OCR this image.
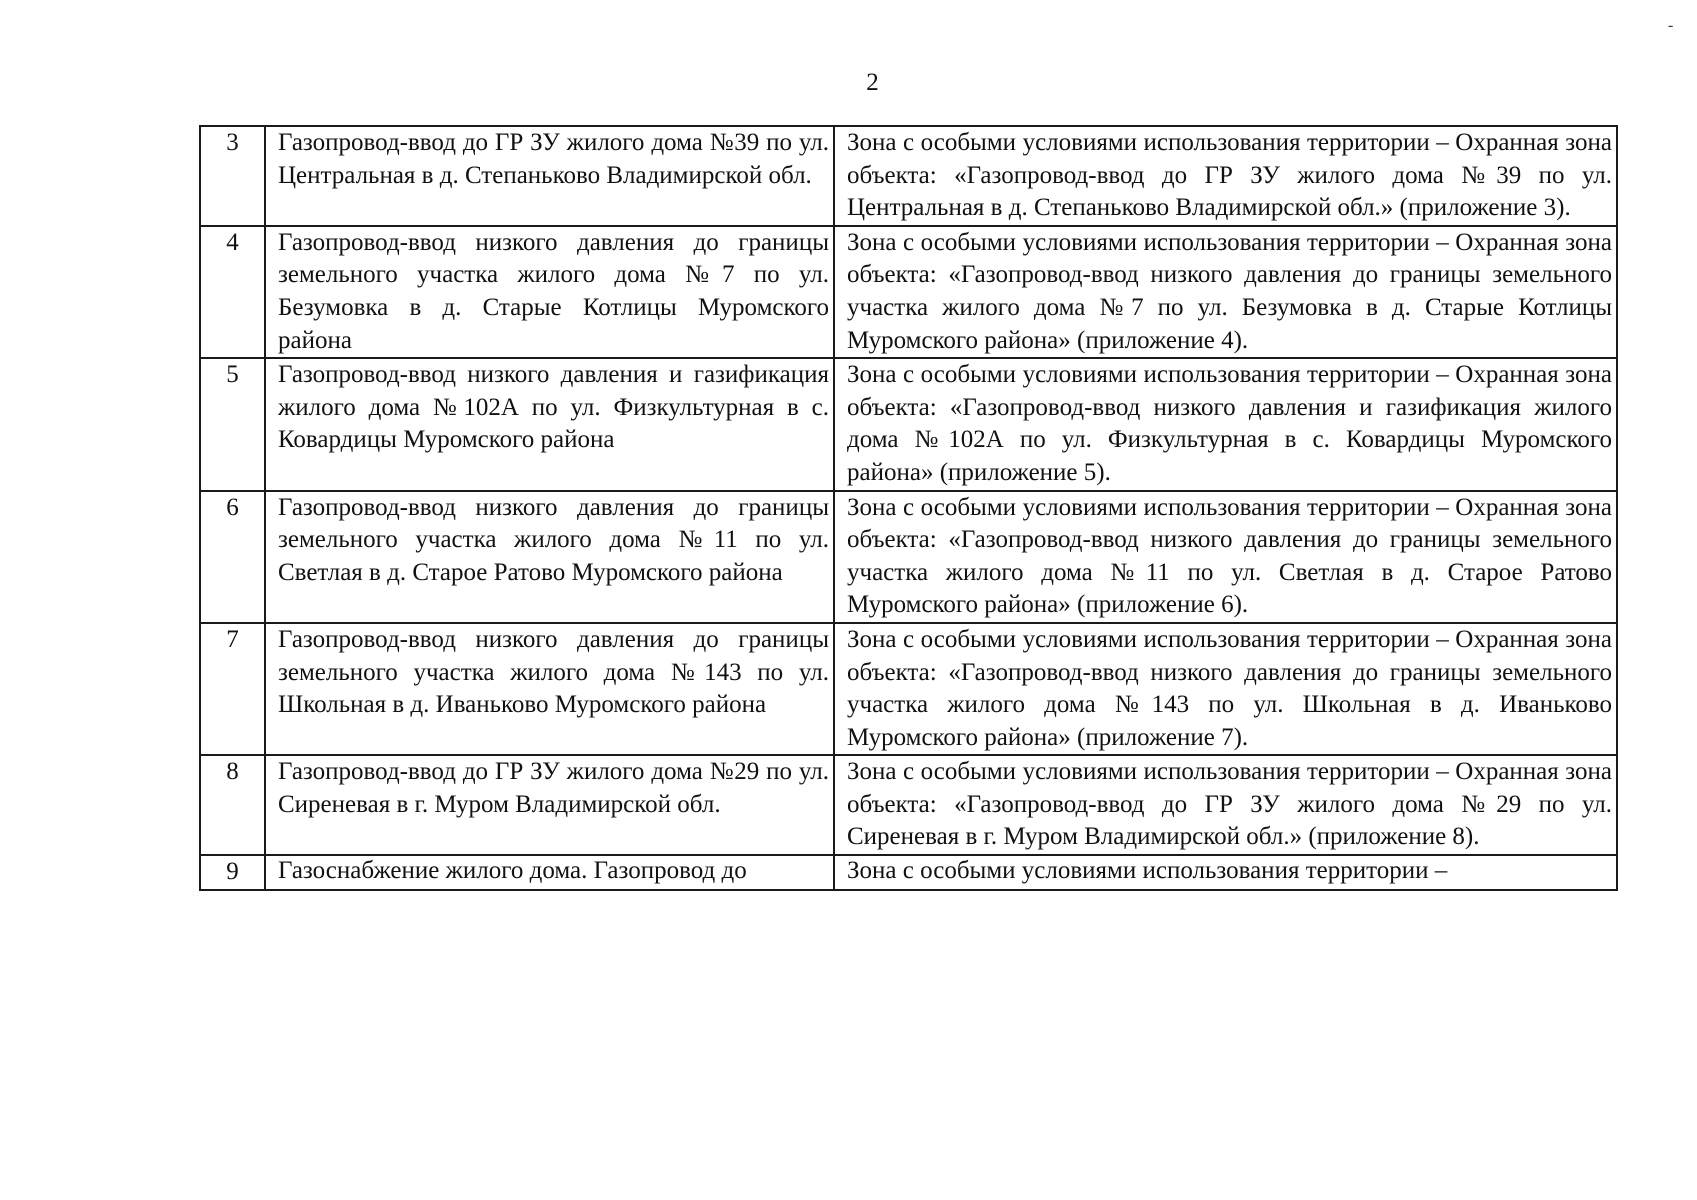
2
-
3	Газопровод-ввод до ГР ЗУ жилого дома №39 по ул. Центральная в д. Степаньково Владимирской обл.	Зона с особыми условиями использования территории – Охранная зона объекта: «Газопровод-ввод до ГР ЗУ жилого дома №39 по ул. Центральная в д. Степаньково Владимирской обл.» (приложение 3).

4	Газопровод-ввод низкого давления до границы земельного участка жилого дома №7 по ул. Безумовка в д. Старые Котлицы Муромского района	Зона с особыми условиями использования территории – Охранная зона объекта: «Газопровод-ввод низкого давления до границы земельного участка жилого дома №7 по ул. Безумовка в д. Старые Котлицы Муромского района» (приложение 4).

5	Газопровод-ввод низкого давления и газификация жилого дома №102А по ул. Физкультурная в с. Ковардицы Муромского района	Зона с особыми условиями использования территории – Охранная зона объекта: «Газопровод-ввод низкого давления и газификация жилого дома №102А по ул. Физкультурная в с. Ковардицы Муромского района» (приложение 5).

6	Газопровод-ввод низкого давления до границы земельного участка жилого дома №11 по ул. Светлая в д. Старое Ратово Муромского района	Зона с особыми условиями использования территории – Охранная зона объекта: «Газопровод-ввод низкого давления до границы земельного участка жилого дома №11 по ул. Светлая в д. Старое Ратово Муромского района» (приложение 6).

7	Газопровод-ввод низкого давления до границы земельного участка жилого дома №143 по ул. Школьная в д. Иваньково Муромского района	Зона с особыми условиями использования территории – Охранная зона объекта: «Газопровод-ввод низкого давления до границы земельного участка жилого дома №143 по ул. Школьная в д. Иваньково Муромского района» (приложение 7).

8	Газопровод-ввод до ГР ЗУ жилого дома №29 по ул. Сиреневая в г. Муром Владимирской обл.	Зона с особыми условиями использования территории – Охранная зона объекта: «Газопровод-ввод до ГР ЗУ жилого дома №29 по ул. Сиреневая в г. Муром Владимирской обл.» (приложение 8).

9	Газоснабжение жилого дома. Газопровод до	Зона с особыми условиями использования территории –
